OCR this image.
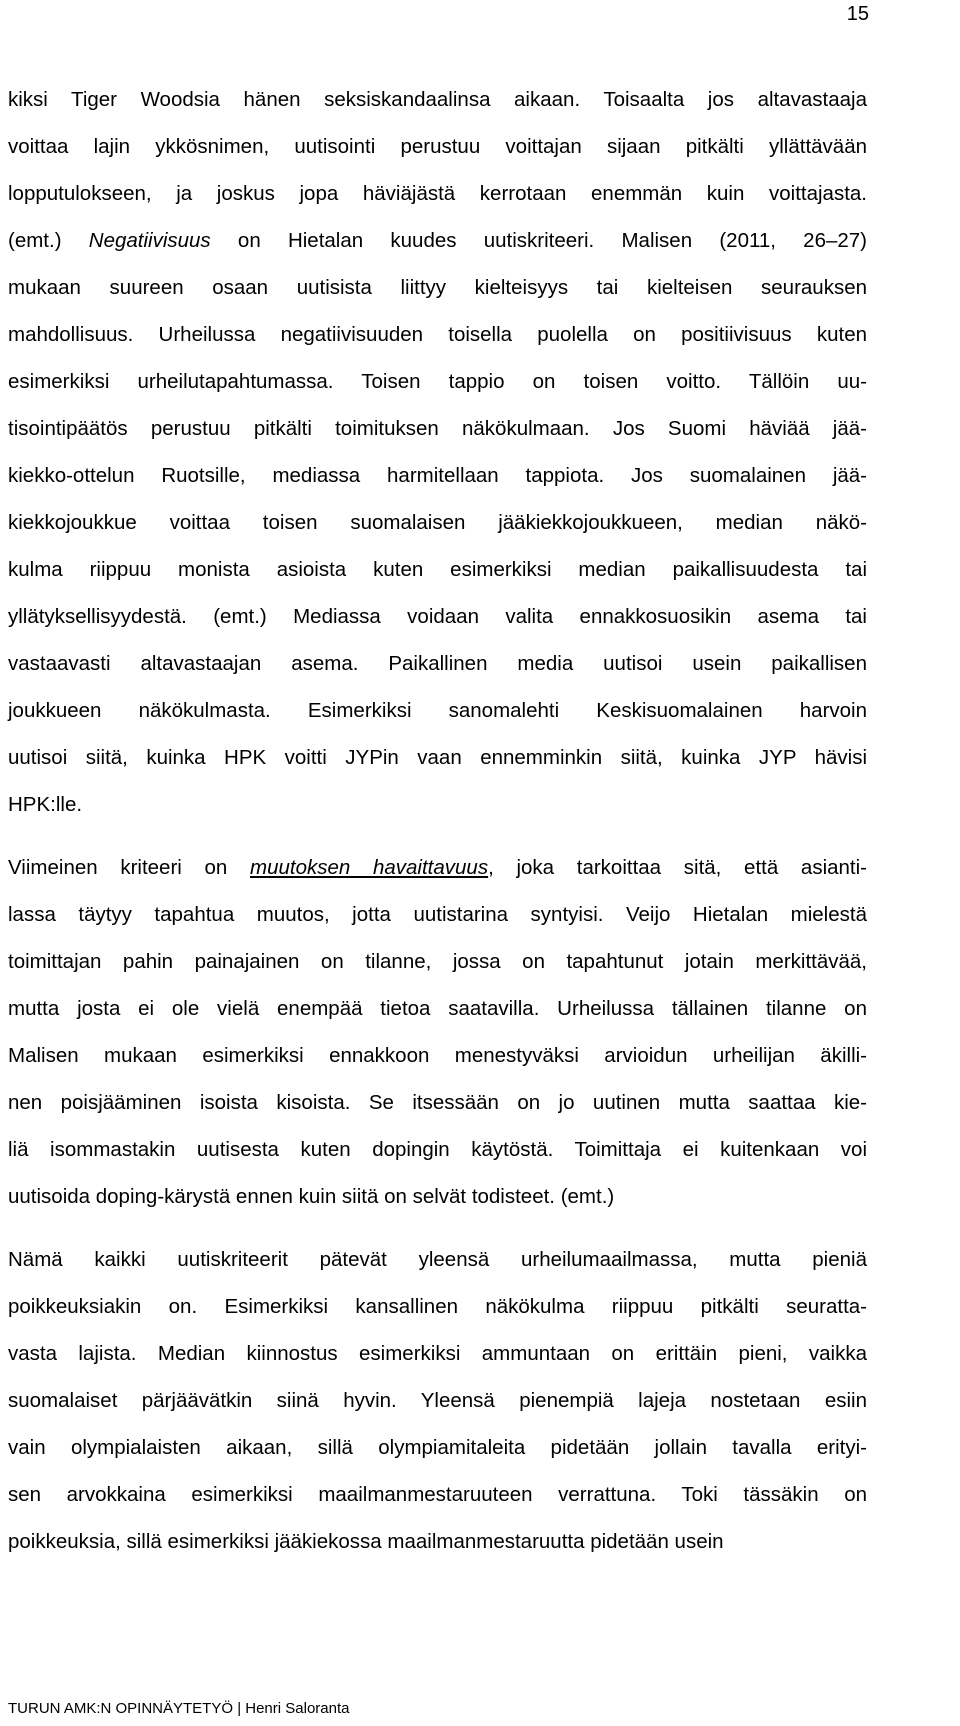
15

kiksi Tiger Woodsia hänen seksiskandaalinsa aikaan. Toisaalta jos altavastaaja
voittaa lajin ykkösnimen, uutisointi perustuu voittajan sijaan pitkälti yllättävään
lopputulokseen, ja joskus jopa häviäjästä kerrotaan enemmän kuin voittajasta.
(emt.) Negatiivisuus on Hietalan kuudes uutiskriteeri. Malisen (2011, 26–27)
mukaan suureen osaan uutisista liittyy kielteisyys tai kielteisen seurauksen
mahdollisuus. Urheilussa negatiivisuuden toisella puolella on positiivisuus kuten
esimerkiksi urheilutapahtumassa. Toisen tappio on toisen voitto. Tällöin uu-
tisointipäätös perustuu pitkälti toimituksen näkökulmaan. Jos Suomi häviää jää-
kiekko-ottelun Ruotsille, mediassa harmitellaan tappiota. Jos suomalainen jää-
kiekkojoukkue voittaa toisen suomalaisen jääkiekkojoukkueen, median näkö-
kulma riippuu monista asioista kuten esimerkiksi median paikallisuudesta tai
yllätyksellisyydestä. (emt.) Mediassa voidaan valita ennakkosuosikin asema tai
vastaavasti altavastaajan asema. Paikallinen media uutisoi usein paikallisen
joukkueen näkökulmasta. Esimerkiksi sanomalehti Keskisuomalainen harvoin
uutisoi siitä, kuinka HPK voitti JYPin vaan ennemminkin siitä, kuinka JYP hävisi
HPK:lle.

Viimeinen kriteeri on muutoksen havaittavuus, joka tarkoittaa sitä, että asianti-
lassa täytyy tapahtua muutos, jotta uutistarina syntyisi. Veijo Hietalan mielestä
toimittajan pahin painajainen on tilanne, jossa on tapahtunut jotain merkittävää,
mutta josta ei ole vielä enempää tietoa saatavilla. Urheilussa tällainen tilanne on
Malisen mukaan esimerkiksi ennakkoon menestyväksi arvioidun urheilijan äkilli-
nen poisjääminen isoista kisoista. Se itsessään on jo uutinen mutta saattaa kie-
liä isommastakin uutisesta kuten dopingin käytöstä. Toimittaja ei kuitenkaan voi
uutisoida doping-kärystä ennen kuin siitä on selvät todisteet. (emt.)

Nämä kaikki uutiskriteerit pätevät yleensä urheilumaailmassa, mutta pieniä
poikkeuksiakin on. Esimerkiksi kansallinen näkökulma riippuu pitkälti seuratta-
vasta lajista. Median kiinnostus esimerkiksi ammuntaan on erittäin pieni, vaikka
suomalaiset pärjäävätkin siinä hyvin. Yleensä pienempiä lajeja nostetaan esiin
vain olympialaisten aikaan, sillä olympiamitaleita pidetään jollain tavalla erityi-
sen arvokkaina esimerkiksi maailmanmestaruuteen verrattuna. Toki tässäkin on
poikkeuksia, sillä esimerkiksi jääkiekossa maailmanmestaruutta pidetään usein

TURUN AMK:N OPINNÄYTETYÖ | Henri Saloranta
